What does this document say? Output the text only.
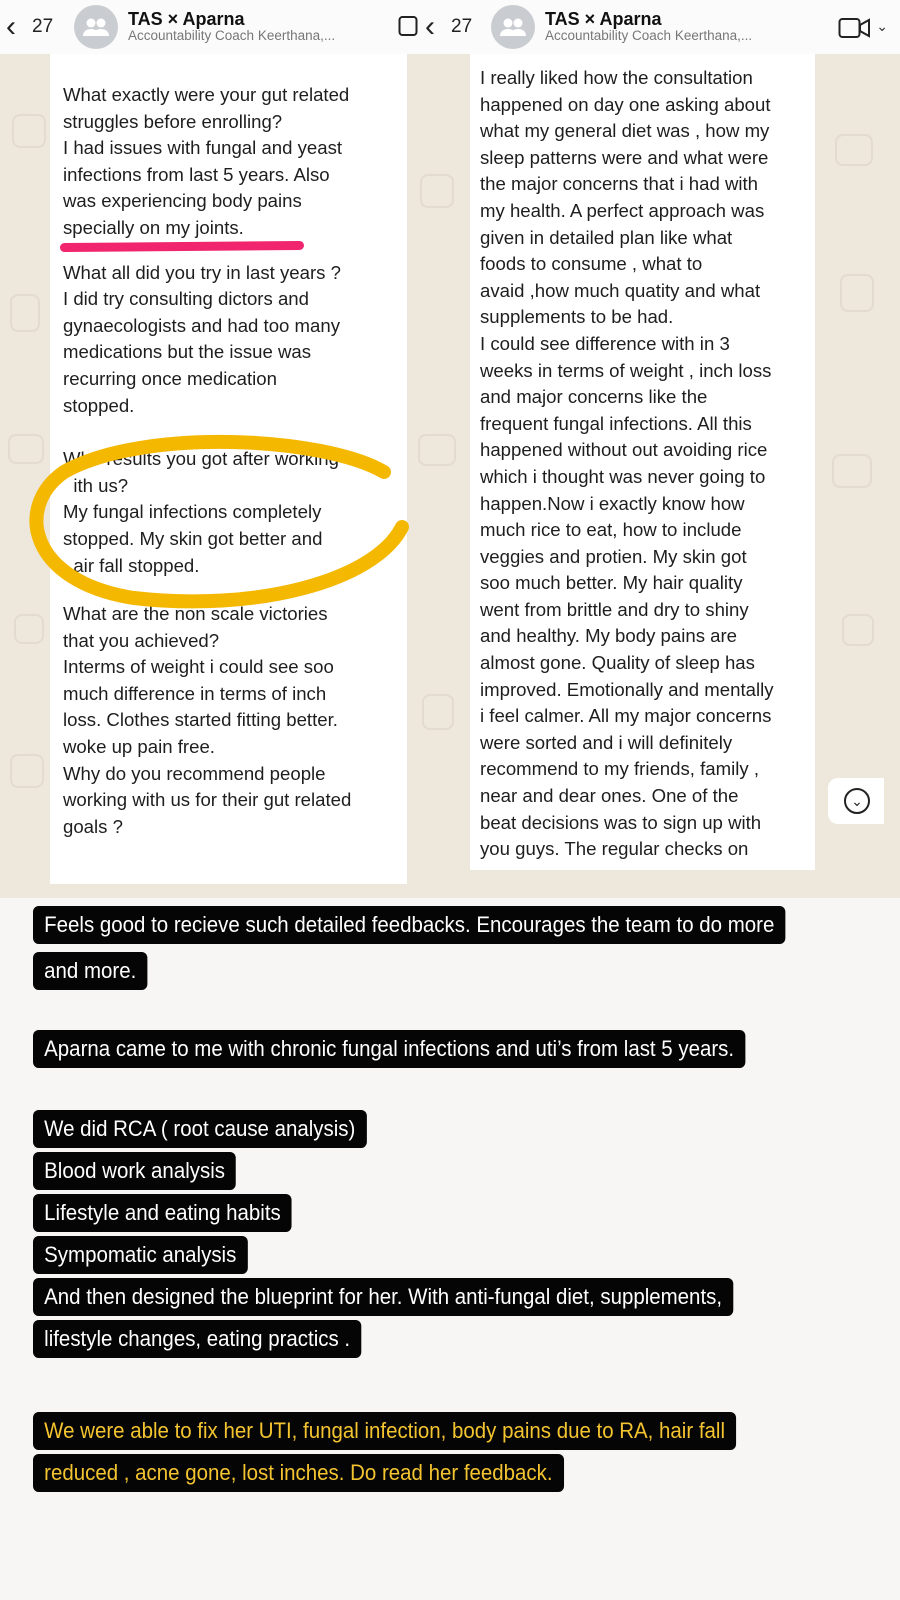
‹ 27	TAS × Aparna
Accountability Coach Keerthana,...	‹ 27	TAS × Aparna
Accountability Coach Keerthana,...
⌄

What exactly were your gut related
struggles before enrolling?
I had issues with fungal and yeast
infections from last 5 years. Also
was experiencing body pains
specially on my joints.

What all did you try in last years ?
I did try consulting dictors and
gynaecologists and had too many
medications but the issue was
recurring once medication
stopped.

Wh   results you got after working
ith us?
My fungal infections completely
stopped. My skin got better and
air fall stopped.

What are the non scale victories
that you achieved?
Interms of weight i could see soo
much difference in terms of inch
loss. Clothes started fitting better.
woke up pain free.
Why do you recommend people
working with us for their gut related
goals ?

I really liked how the consultation
happened on day one asking about
what my general diet was , how my
sleep patterns were and what were
the major concerns that i had with
my health. A perfect approach was
given in detailed plan like what
foods to consume , what to
avaid ,how much quatity and what
supplements to be had.
I could see difference with in 3
weeks in terms of weight , inch loss
and major concerns like the
frequent fungal infections. All this
happened without out avoiding rice
which i thought was never going to
happen.Now i exactly know how
much rice to eat, how to include
veggies and protien. My skin got
soo much better. My hair quality
went from brittle and dry to shiny
and healthy. My body pains are
almost gone. Quality of sleep has
improved. Emotionally and mentally
i feel calmer. All my major concerns
were sorted and i will definitely
recommend to my friends, family ,
near and dear ones. One of the
beat decisions was to sign up with
you guys. The regular checks on

⌄
Feels good to recieve such detailed feedbacks. Encourages the team to do more
and more.
Aparna came to me with chronic fungal infections and uti’s from last 5 years.
We did RCA ( root cause analysis)
Blood work analysis
Lifestyle and eating habits
Sympomatic analysis
And then designed the blueprint for her. With anti-fungal diet, supplements,
lifestyle changes, eating practics .
We were able to fix her UTI, fungal infection, body pains due to RA, hair fall
reduced , acne gone, lost inches. Do read her feedback.
